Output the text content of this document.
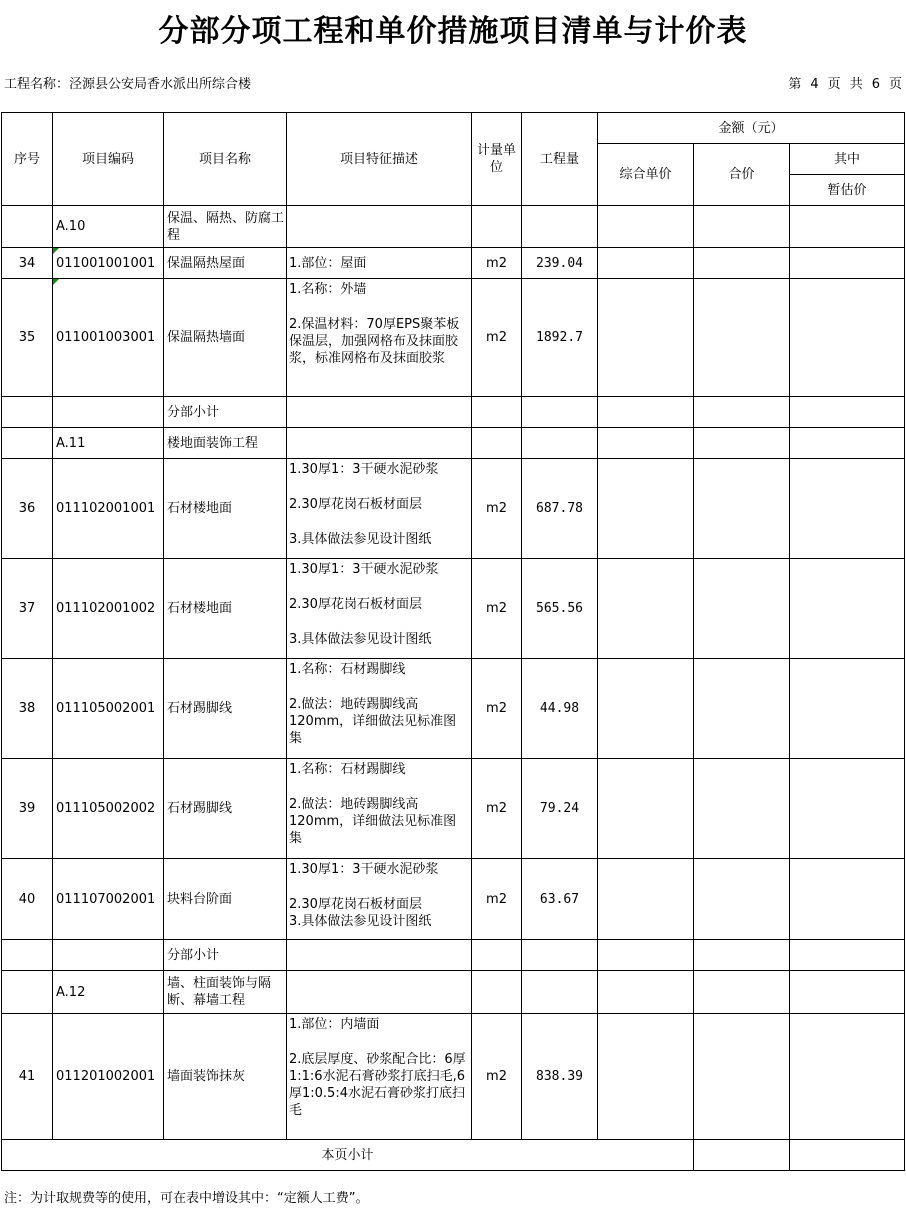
分部分项工程和单价措施项目清单与计价表
工程名称：泾源县公安局香水派出所综合楼	第 4 页 共 6 页
序号	项目编码	项目名称	项目特征描述	计量单位	工程量	金额（元）		
						综合单价	合价	其中
								暂估价
	A.10	保温、隔热、防腐工程						
34	011001001001	保温隔热屋面	1.部位：屋面	m2	239.04			
35	011001003001	保温隔热墙面	1.名称：外墙
2.保温材料：70厚EPS聚苯板保温层，加强网格布及抹面胶浆，标准网格布及抹面胶浆	m2	1892.7			
		分部小计						
	A.11	楼地面装饰工程						
36	011102001001	石材楼地面	1.30厚1：3干硬水泥砂浆
2.30厚花岗石板材面层
3.具体做法参见设计图纸	m2	687.78			
37	011102001002	石材楼地面	1.30厚1：3干硬水泥砂浆
2.30厚花岗石板材面层
3.具体做法参见设计图纸	m2	565.56			
38	011105002001	石材踢脚线	1.名称：石材踢脚线
2.做法：地砖踢脚线高120mm，详细做法见标准图集	m2	44.98			
39	011105002002	石材踢脚线	1.名称：石材踢脚线
2.做法：地砖踢脚线高120mm，详细做法见标准图集	m2	79.24			
40	011107002001	块料台阶面	1.30厚1：3干硬水泥砂浆
2.30厚花岗石板材面层
3.具体做法参见设计图纸	m2	63.67			
		分部小计						
	A.12	墙、柱面装饰与隔断、幕墙工程						
41	011201002001	墙面装饰抹灰	1.部位：内墙面
2.底层厚度、砂浆配合比：6厚1:1:6水泥石膏砂浆打底扫毛,6厚1:0.5:4水泥石膏砂浆打底扫毛	m2	838.39			
本页小计								
注：为计取规费等的使用，可在表中增设其中：“定额人工费”。
